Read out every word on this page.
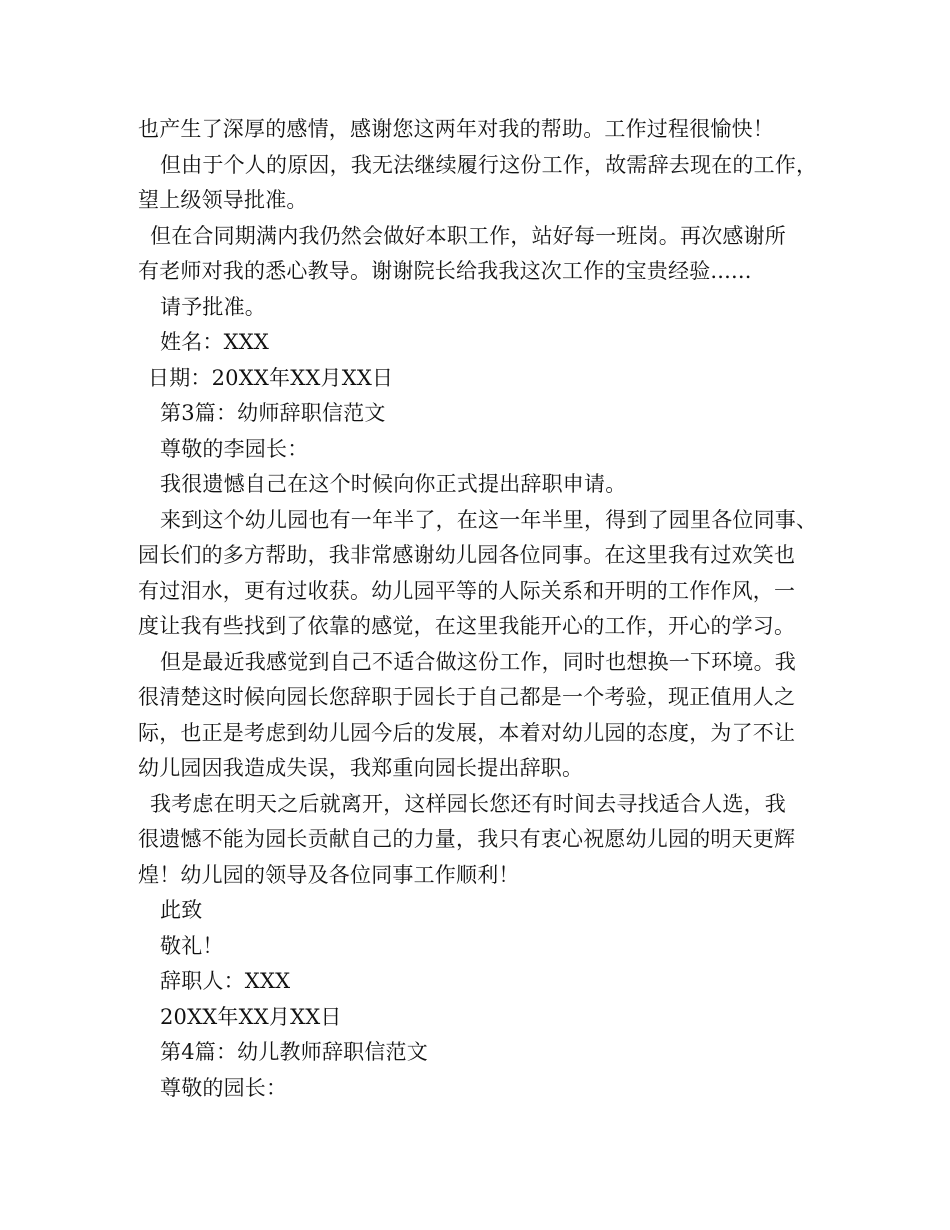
也产生了深厚的感情，感谢您这两年对我的帮助。工作过程很愉快！
但由于个人的原因，我无法继续履行这份工作，故需辞去现在的工作，
望上级领导批准。
但在合同期满内我仍然会做好本职工作，站好每一班岗。再次感谢所
有老师对我的悉心教导。谢谢院长给我我这次工作的宝贵经验......
请予批准。
姓名：XXX
日期：20XX年XX月XX日
第3篇：幼师辞职信范文
尊敬的李园长：
我很遗憾自己在这个时候向你正式提出辞职申请。
来到这个幼儿园也有一年半了，在这一年半里，得到了园里各位同事、
园长们的多方帮助，我非常感谢幼儿园各位同事。在这里我有过欢笑也
有过泪水，更有过收获。幼儿园平等的人际关系和开明的工作作风，一
度让我有些找到了依靠的感觉，在这里我能开心的工作，开心的学习。
但是最近我感觉到自己不适合做这份工作，同时也想换一下环境。我
很清楚这时候向园长您辞职于园长于自己都是一个考验，现正值用人之
际，也正是考虑到幼儿园今后的发展，本着对幼儿园的态度，为了不让
幼儿园因我造成失误，我郑重向园长提出辞职。
我考虑在明天之后就离开，这样园长您还有时间去寻找适合人选，我
很遗憾不能为园长贡献自己的力量，我只有衷心祝愿幼儿园的明天更辉
煌！幼儿园的领导及各位同事工作顺利！
此致
敬礼！
辞职人：XXX
20XX年XX月XX日
第4篇：幼儿教师辞职信范文
尊敬的园长：
